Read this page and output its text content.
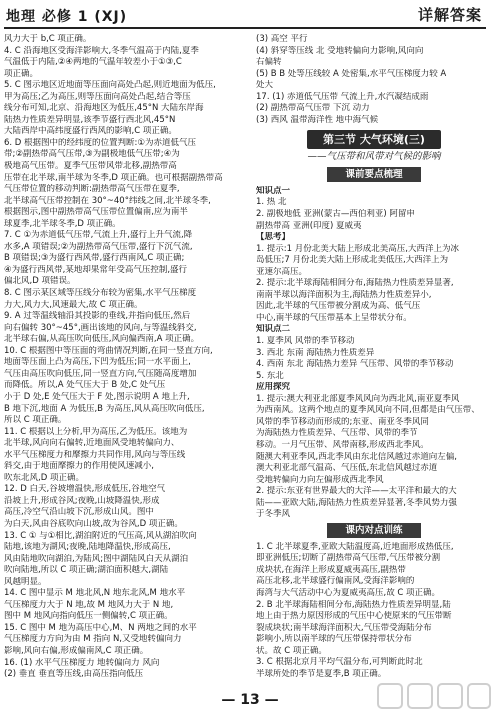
地理 必修 1 (XJ)	详解答案
风力大于 b,C 项正确。
4. C 沿海地区受海洋影响大,冬季气温高于内陆,夏季
气温低于内陆,②④两地的气温年较差小于①③,C
项正确。
5. C 图示地区近地面等压面向高处凸起,则近地面为低压,
甲为高压;乙为高压,则等压面向高处凸起,结合等压
线分布可知,北京、沿海地区为低压,45°N 大陆东岸海
陆热力性质差异明显,该季节盛行西北风,45°N
大陆西岸中高纬度盛行西风的影响,C 项正确。
6. D 根据图中的经纬度的位置判断:①为赤道低气压
带;②副热带高气压带,③为副极地低气压带;④为
极地高气压带。夏季气压带风带北移,副热带高
压带在北半球,南半球为冬季,D 项正确。也可根据副热带高
气压带位置的移动判断:副热带高气压带在夏季,
北半球高气压带控制在 30°~40°纬线之间,北半球冬季,
根据图示,图中副热带高气压带位置偏南,应为南半
球夏季,北半球冬季,D 项正确。
7. C ①为赤道低气压带,气流上升,盛行上升气流,降
水多,A 项错误;②为副热带高气压带,盛行下沉气流,
B 项错误;③为盛行西风带,盛行西南风,C 项正确;
④为盛行西风带,某地却果常年受高气压控制,盛行
偏北风,D 项错误。
8. C 图示某区域等压线分布较为密集,水平气压梯度
力大,风力大,风速最大,故 C 项正确。
9. A 过等温线轴沿其投影的垂线,并指向低压,然后
向右偏转 30°~45°,画出该地的风向,与等温线斜交,
北半球右偏,从高压吹向低压,风向偏西南,A 项正确。
10. C 根据图中等压面的弯曲情况判断,在同一竖直方向,
地面等压面上凸为高压,下凹为低压;同一水平面上,
气压由高压吹向低压,同一竖直方向,气压随高度增加
而降低。所以,A 处气压大于 B 处,C 处气压
小于 D 处,E 处气压大于 F 处,图示说明 A 地上升,
B 地下沉,地面 A 为低压,B 为高压,风从高压吹向低压,
所以 C 项正确。
11. C 根据以上分析,甲为高压,乙为低压。该地为
北半球,风向向右偏转,近地面风受地转偏向力、
水平气压梯度力和摩擦力共同作用,风向与等压线
斜交,由于地面摩擦力的作用使风速减小,
吹东北风,D 项正确。
12. D 白天,谷坡增温快,形成低压,谷地空气
沿坡上升,形成谷风;夜晚,山坡降温快,形成
高压,冷空气沿山坡下沉,形成山风。图中
为白天,风由谷底吹向山坡,故为谷风,D 项正确。
13. C ① 与①相比,湖泊附近的气压高,风从湖泊吹向
陆地,该地为湖风;夜晚,陆地降温快,形成高压,
风由陆地吹向湖泊,为陆风;图中湖陆风白天从湖泊
吹向陆地,所以 C 项正确;湖泊面积越大,湖陆
风越明显。
14. C 图中显示 M 地北风,N 地东北风,M 地水平
气压梯度力大于 N 地,故 M 地风力大于 N 地,
图中 M 地风向指向低压一侧偏转,C 项正确。
15. C 图中 M 地为高压中心,M、N 两地之间的水平
气压梯度力方向为由 M 指向 N,又受地转偏向力
影响,风向右偏,形成偏南风,C 项正确。
16. (1) 水平气压梯度力 地转偏向力 风向
(2) 垂直 垂直等压线,由高压指向低压
(3) 高空 平行
(4) 斜穿等压线 北 受地转偏向力影响,风向向
右偏转
(5) B B 处等压线较 A 处密集,水平气压梯度力较 A
处大
17. (1) 赤道低气压带 气流上升,水汽凝结成雨
(2) 副热带高气压带 下沉 动力
(3) 西风 温带海洋性 地中海气候
第三节 大气环境(三)
——气压带和风带对气候的影响
课前要点梳理
知识点一
1. 热 北
2. 副极地低 亚洲(蒙古—西伯利亚) 阿留申
副热带高 亚洲(印度) 夏威夷
【思考】
1. 提示:1 月份北美大陆上形成北美高压,大西洋上为冰
岛低压;7 月份北美大陆上形成北美低压,大西洋上为
亚速尔高压。
2. 提示:北半球海陆相间分布,海陆热力性质差异显著,
南南半球以海洋面积为主,海陆热力性质差异小,
因此,北半球的气压带被分割成为高、低气压
中心,南半球的气压带基本上呈带状分布。
知识点二
1. 夏季风 风带的季节移动
3. 西北 东南 海陆热力性质差异
4. 西南 东北 海陆热力差异 气压带、风带的季节移动
5. 东北
应用探究
1. 提示:澳大利亚北部夏季风风向为西北风,南亚夏季风
为西南风。这两个地点的夏季风风向不同,但都是由气压带、
风带的季节移动而形成的;东亚、南亚冬季风同
为海陆热力性质差异、气压带、风带的季节
移动。一月气压带、风带南移,形成西北季风。
随澳大利亚季风,西北季风由东北信风越过赤道向左偏,
澳大利亚北部气温高、气压低,东北信风越过赤道
受地转偏向力向左偏形成西北季风
2. 提示:东亚有世界最大的大洋——太平洋和最大的大
陆——亚欧大陆,海陆热力性质差异显著,冬季风势力强
于冬季风
课内对点训练
1. C 北半球夏季,亚欧大陆温度高,近地面形成热低压,
即亚洲低压;切断了副热带高气压带,气压带被分割
成块状,在海洋上形成夏威夷高压,副热带
高压北移,北半球盛行偏南风,受海洋影响的
海湾与大气活动中心为夏威夷高压,故 C 项正确。
2. B 北半球海陆相间分布,海陆热力性质差异明显,陆
地上由于热力原因形成的气压中心使原来的气压带断
裂成块状;南半球海洋面积大,气压带受海陆分布
影响小,所以南半球的气压带保持带状分布
状。故 C 项正确。
3. C 根据北京月平均气温分布,可判断此时北
半球所处的季节是夏季,B 项正确。
— 13 —
